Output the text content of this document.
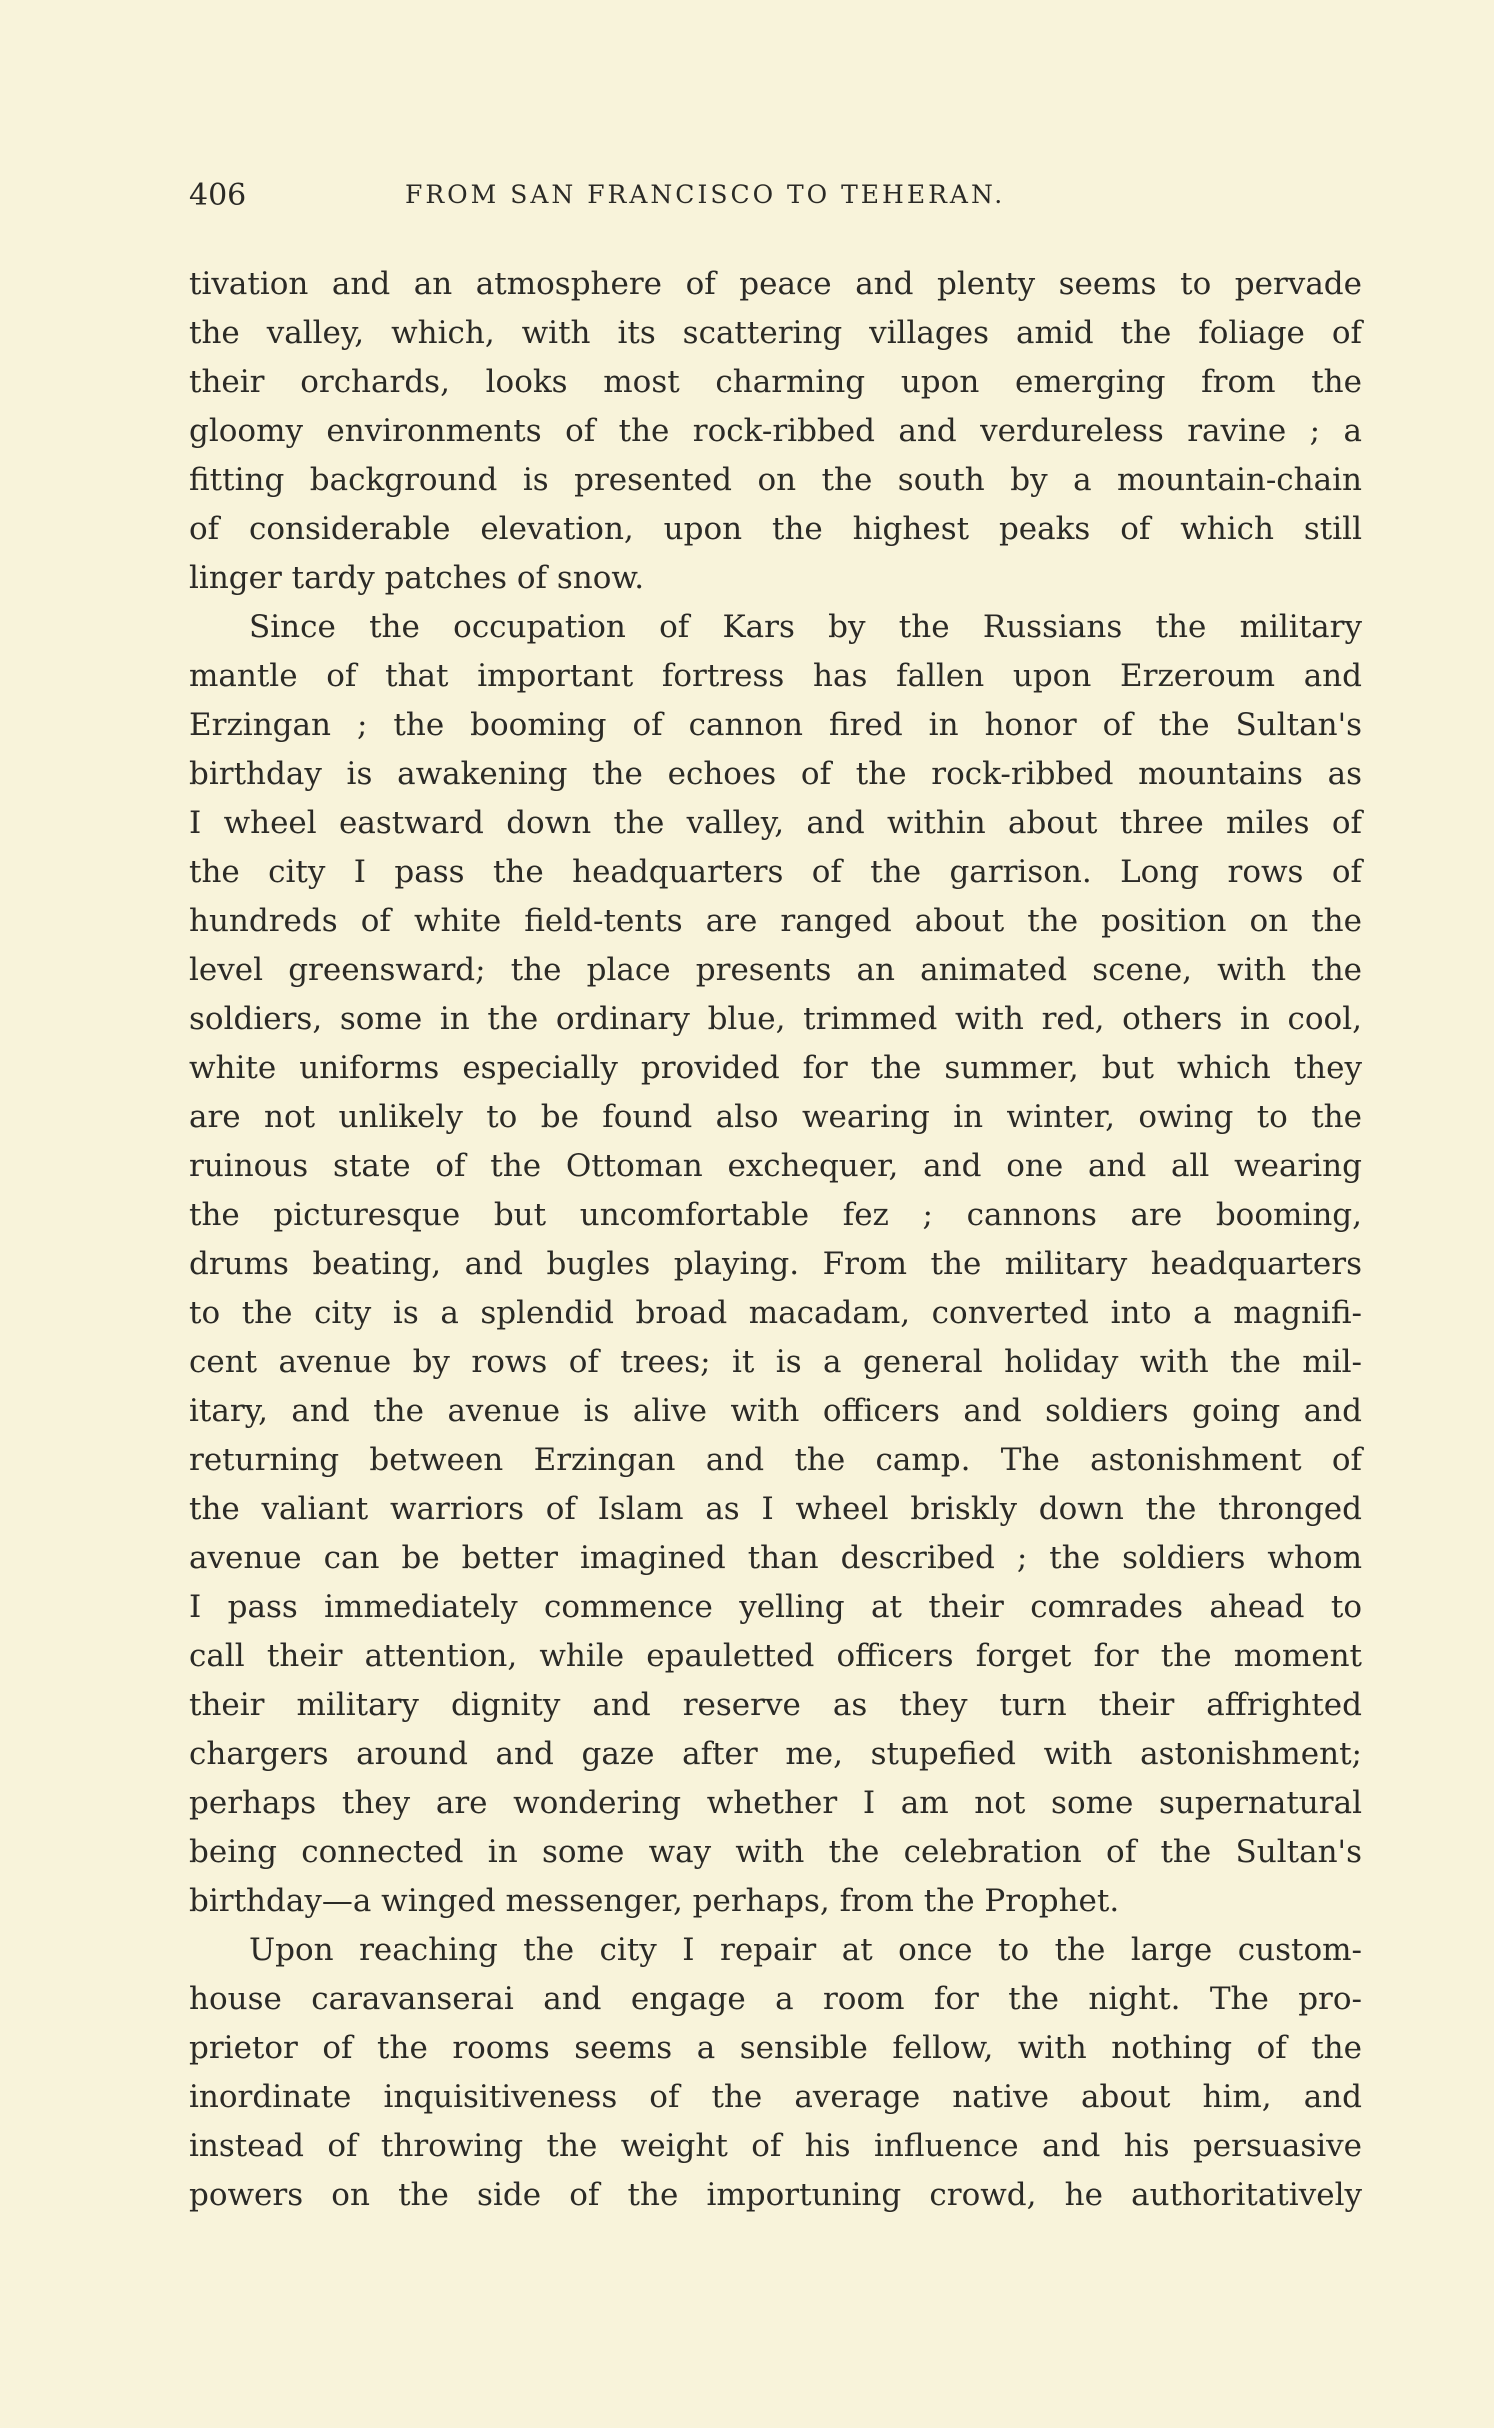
406	FROM SAN FRANCISCO TO TEHERAN.
tivation and an atmosphere of peace and plenty seems to pervade
the valley, which, with its scattering villages amid the foliage of
their orchards, looks most charming upon emerging from the
gloomy environments of the rock-ribbed and verdureless ravine ; a
fitting background is presented on the south by a mountain-chain
of considerable elevation, upon the highest peaks of which still
linger tardy patches of snow.
Since the occupation of Kars by the Russians the military
mantle of that important fortress has fallen upon Erzeroum and
Erzingan ; the booming of cannon fired in honor of the Sultan's
birthday is awakening the echoes of the rock-ribbed mountains as
I wheel eastward down the valley, and within about three miles of
the city I pass the headquarters of the garrison. Long rows of
hundreds of white field-tents are ranged about the position on the
level greensward; the place presents an animated scene, with the
soldiers, some in the ordinary blue, trimmed with red, others in cool,
white uniforms especially provided for the summer, but which they
are not unlikely to be found also wearing in winter, owing to the
ruinous state of the Ottoman exchequer, and one and all wearing
the picturesque but uncomfortable fez ; cannons are booming,
drums beating, and bugles playing. From the military headquarters
to the city is a splendid broad macadam, converted into a magnifi-
cent avenue by rows of trees; it is a general holiday with the mil-
itary, and the avenue is alive with officers and soldiers going and
returning between Erzingan and the camp. The astonishment of
the valiant warriors of Islam as I wheel briskly down the thronged
avenue can be better imagined than described ; the soldiers whom
I pass immediately commence yelling at their comrades ahead to
call their attention, while epauletted officers forget for the moment
their military dignity and reserve as they turn their affrighted
chargers around and gaze after me, stupefied with astonishment;
perhaps they are wondering whether I am not some supernatural
being connected in some way with the celebration of the Sultan's
birthday—a winged messenger, perhaps, from the Prophet.
Upon reaching the city I repair at once to the large custom-
house caravanserai and engage a room for the night. The pro-
prietor of the rooms seems a sensible fellow, with nothing of the
inordinate inquisitiveness of the average native about him, and
instead of throwing the weight of his influence and his persuasive
powers on the side of the importuning crowd, he authoritatively
